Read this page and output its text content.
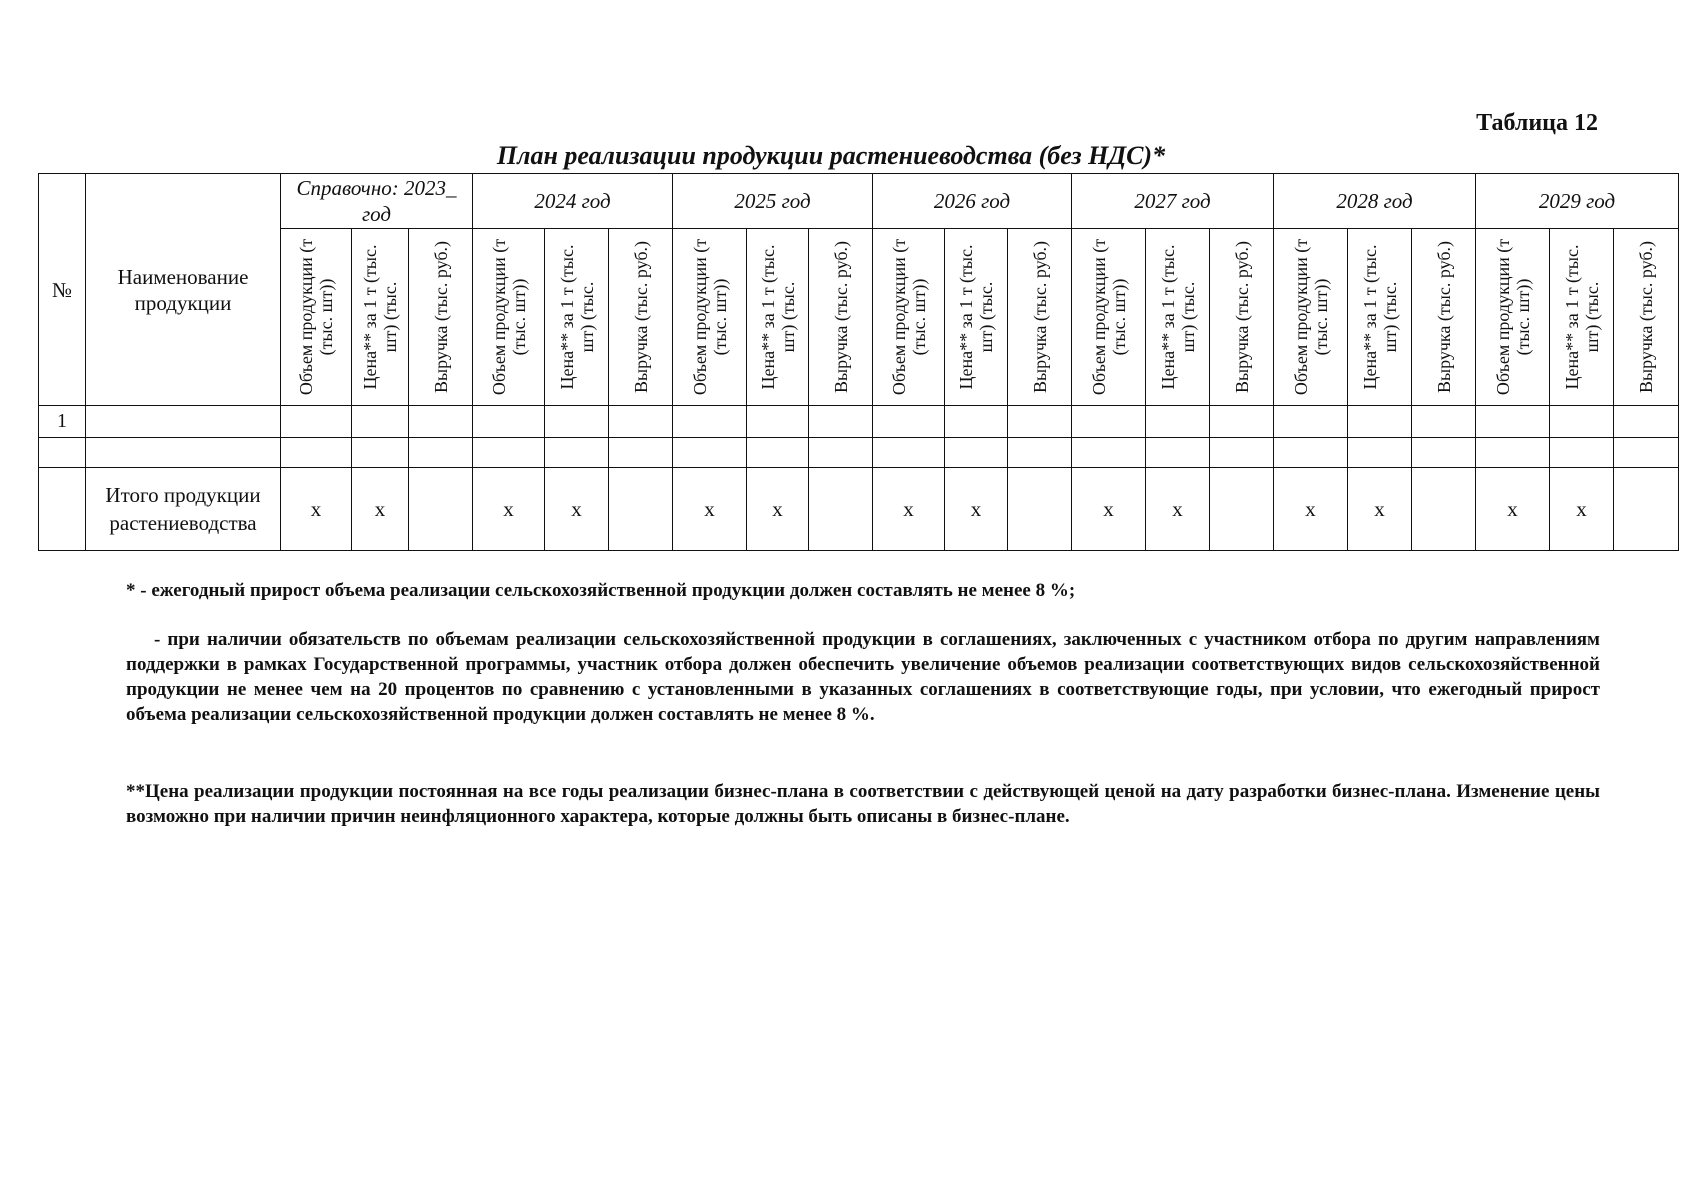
Таблица 12
План реализации продукции растениеводства (без НДС)*
№	Наименование продукции	Справочно: 2023_ год			2024 год			2025 год			2026 год			2027 год			2028 год			2029 год		

		Объем продукции (т (тыс. шт))	Цена** за 1 т (тыс. шт) (тыс.	Выручка (тыс. руб.)	Объем продукции (т (тыс. шт))	Цена** за 1 т (тыс. шт) (тыс.	Выручка (тыс. руб.)	Объем продукции (т (тыс. шт))	Цена** за 1 т (тыс. шт) (тыс.	Выручка (тыс. руб.)	Объем продукции (т (тыс. шт))	Цена** за 1 т (тыс. шт) (тыс.	Выручка (тыс. руб.)	Объем продукции (т (тыс. шт))	Цена** за 1 т (тыс. шт) (тыс.	Выручка (тыс. руб.)	Объем продукции (т (тыс. шт))	Цена** за 1 т (тыс. шт) (тыс.	Выручка (тыс. руб.)	Объем продукции (т (тыс. шт))	Цена** за 1 т (тыс. шт) (тыс.	Выручка (тыс. руб.)

1																						

	Итого продукции растениеводства	х	х		х	х		х	х		х	х		х	х		х	х		х	х	
* - ежегодный прирост объема реализации сельскохозяйственной продукции должен составлять не менее 8 %;
- при наличии обязательств по объемам реализации сельскохозяйственной продукции в соглашениях, заключенных с участником отбора по другим направлениям поддержки в рамках Государственной программы, участник отбора должен обеспечить увеличение объемов реализации соответствующих видов сельскохозяйственной продукции не менее чем на 20 процентов по сравнению с установленными в указанных соглашениях в соответствующие годы, при условии, что ежегодный прирост объема реализации сельскохозяйственной продукции должен составлять не менее 8 %.
**Цена реализации продукции постоянная на все годы реализации бизнес-плана в соответствии с действующей ценой на дату разработки бизнес-плана. Изменение цены возможно при наличии причин неинфляционного характера, которые должны быть описаны в бизнес-плане.
